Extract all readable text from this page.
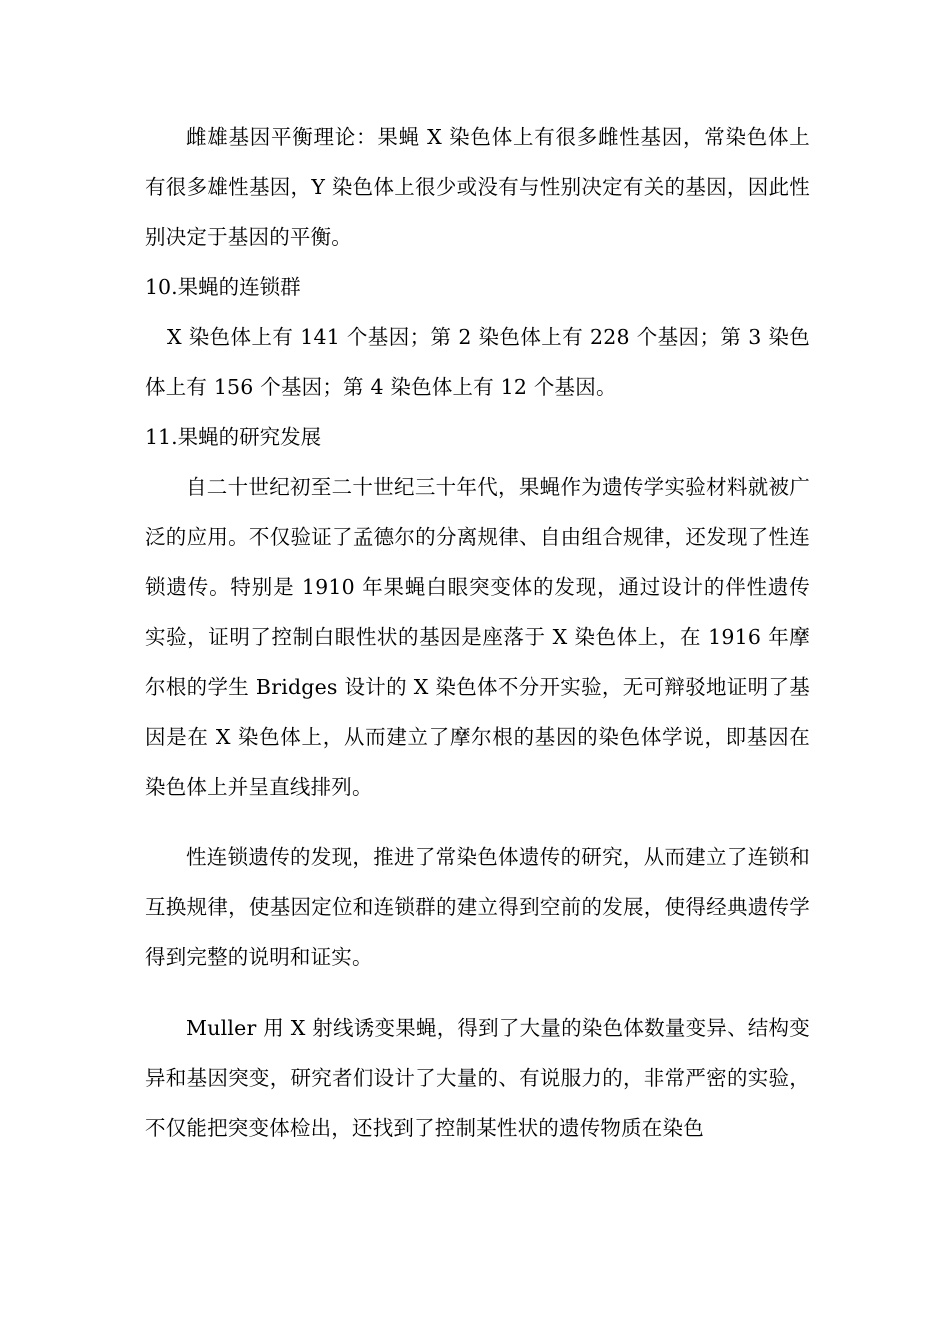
雌雄基因平衡理论：果蝇 X 染色体上有很多雌性基因，常染色体上有很多雄性基因，Y 染色体上很少或没有与性别决定有关的基因，因此性别决定于基因的平衡。
10.果蝇的连锁群
X 染色体上有 141 个基因；第 2 染色体上有 228 个基因；第 3 染色体上有 156 个基因；第 4 染色体上有 12 个基因。
11.果蝇的研究发展
自二十世纪初至二十世纪三十年代，果蝇作为遗传学实验材料就被广泛的应用。不仅验证了孟德尔的分离规律、自由组合规律，还发现了性连锁遗传。特别是 1910 年果蝇白眼突变体的发现，通过设计的伴性遗传实验，证明了控制白眼性状的基因是座落于 X 染色体上，在 1916 年摩尔根的学生 Bridges 设计的 X 染色体不分开实验，无可辩驳地证明了基因是在 X 染色体上，从而建立了摩尔根的基因的染色体学说，即基因在染色体上并呈直线排列。
性连锁遗传的发现，推进了常染色体遗传的研究，从而建立了连锁和互换规律，使基因定位和连锁群的建立得到空前的发展，使得经典遗传学得到完整的说明和证实。
Muller 用 X 射线诱变果蝇，得到了大量的染色体数量变异、结构变异和基因突变，研究者们设计了大量的、有说服力的，非常严密的实验，不仅能把突变体检出，还找到了控制某性状的遗传物质在染色
